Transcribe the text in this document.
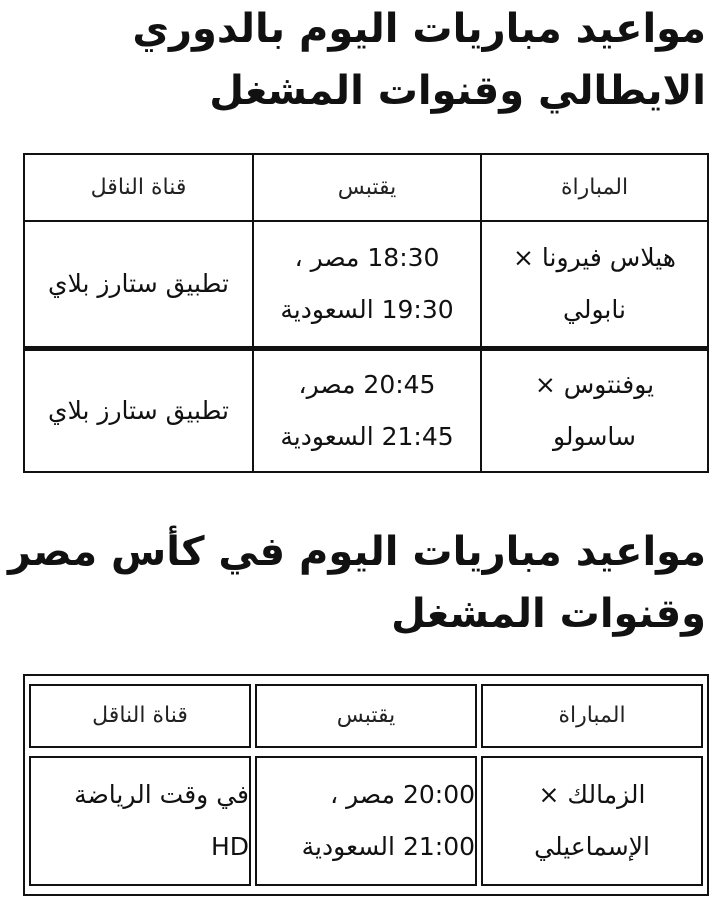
مواعيد مباريات اليوم بالدوري الايطالي وقنوات المشغل
المباراة
يقتبس
قناة الناقل
هيلاس فيرونا ×
نابولي
18:30 مصر ،
19:30 السعودية
تطبيق ستارز بلاي
يوفنتوس ×
ساسولو
20:45 مصر،
21:45 السعودية
تطبيق ستارز بلاي
مواعيد مباريات اليوم في كأس مصر وقنوات المشغل
المباراة
يقتبس
قناة الناقل
الزمالك ×
الإسماعيلي
20:00 مصر ،
21:00 السعودية
في وقت الرياضة
HD
